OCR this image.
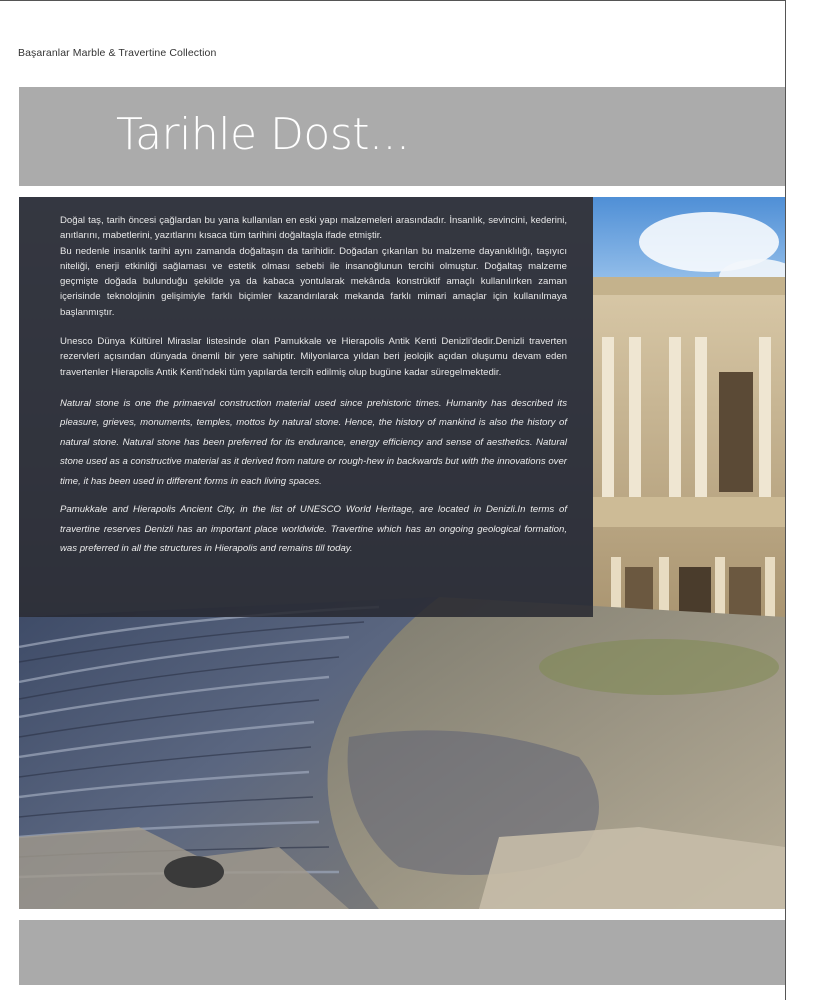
Başaranlar Marble & Travertine Collection
Tarihle Dost...

Doğal taş, tarih öncesi çağlardan bu yana kullanılan en eski yapı malzemeleri arasındadır. İnsanlık, sevincini, kederini, anıtlarını, mabetlerini, yazıtlarını kısaca tüm tarihini doğaltaşla ifade etmiştir.

Bu nedenle insanlık tarihi aynı zamanda doğaltaşın da tarihidir. Doğadan çıkarılan bu malzeme dayanıklılığı, taşıyıcı niteliği, enerji etkinliği sağlaması ve estetik olması sebebi ile insanoğlunun tercihi olmuştur. Doğaltaş malzeme geçmişte doğada bulunduğu şekilde ya da kabaca yontularak mekânda konstrüktif amaçlı kullanılırken zaman içerisinde teknolojinin gelişimiyle farklı biçimler kazandırılarak mekanda farklı mimari amaçlar için kullanılmaya başlanmıştır.

Unesco Dünya Kültürel Miraslar listesinde olan Pamukkale ve Hierapolis Antik Kenti Denizli'dedir.Denizli traverten rezervleri açısından dünyada önemli bir yere sahiptir. Milyonlarca yıldan beri jeolojik açıdan oluşumu devam eden travertenler Hierapolis Antik Kenti'ndeki tüm yapılarda tercih edilmiş olup bugüne kadar süregelmektedir.

Natural stone is one the primaeval construction material used since prehistoric times. Humanity has described its pleasure, grieves, monuments, temples, mottos by natural stone. Hence, the history of mankind is also the history of natural stone. Natural stone has been preferred for its endurance, energy efficiency and sense of aesthetics. Natural stone used as a constructive material as it derived from nature or rough-hew in backwards but with the innovations over time, it has been used in different forms in each living spaces.

Pamukkale and Hierapolis Ancient City, in the list of UNESCO World Heritage, are located in Denizli.In terms of travertine reserves Denizli has an important place worldwide. Travertine which has an ongoing geological formation, was preferred in all the structures in Hierapolis and remains till today.
